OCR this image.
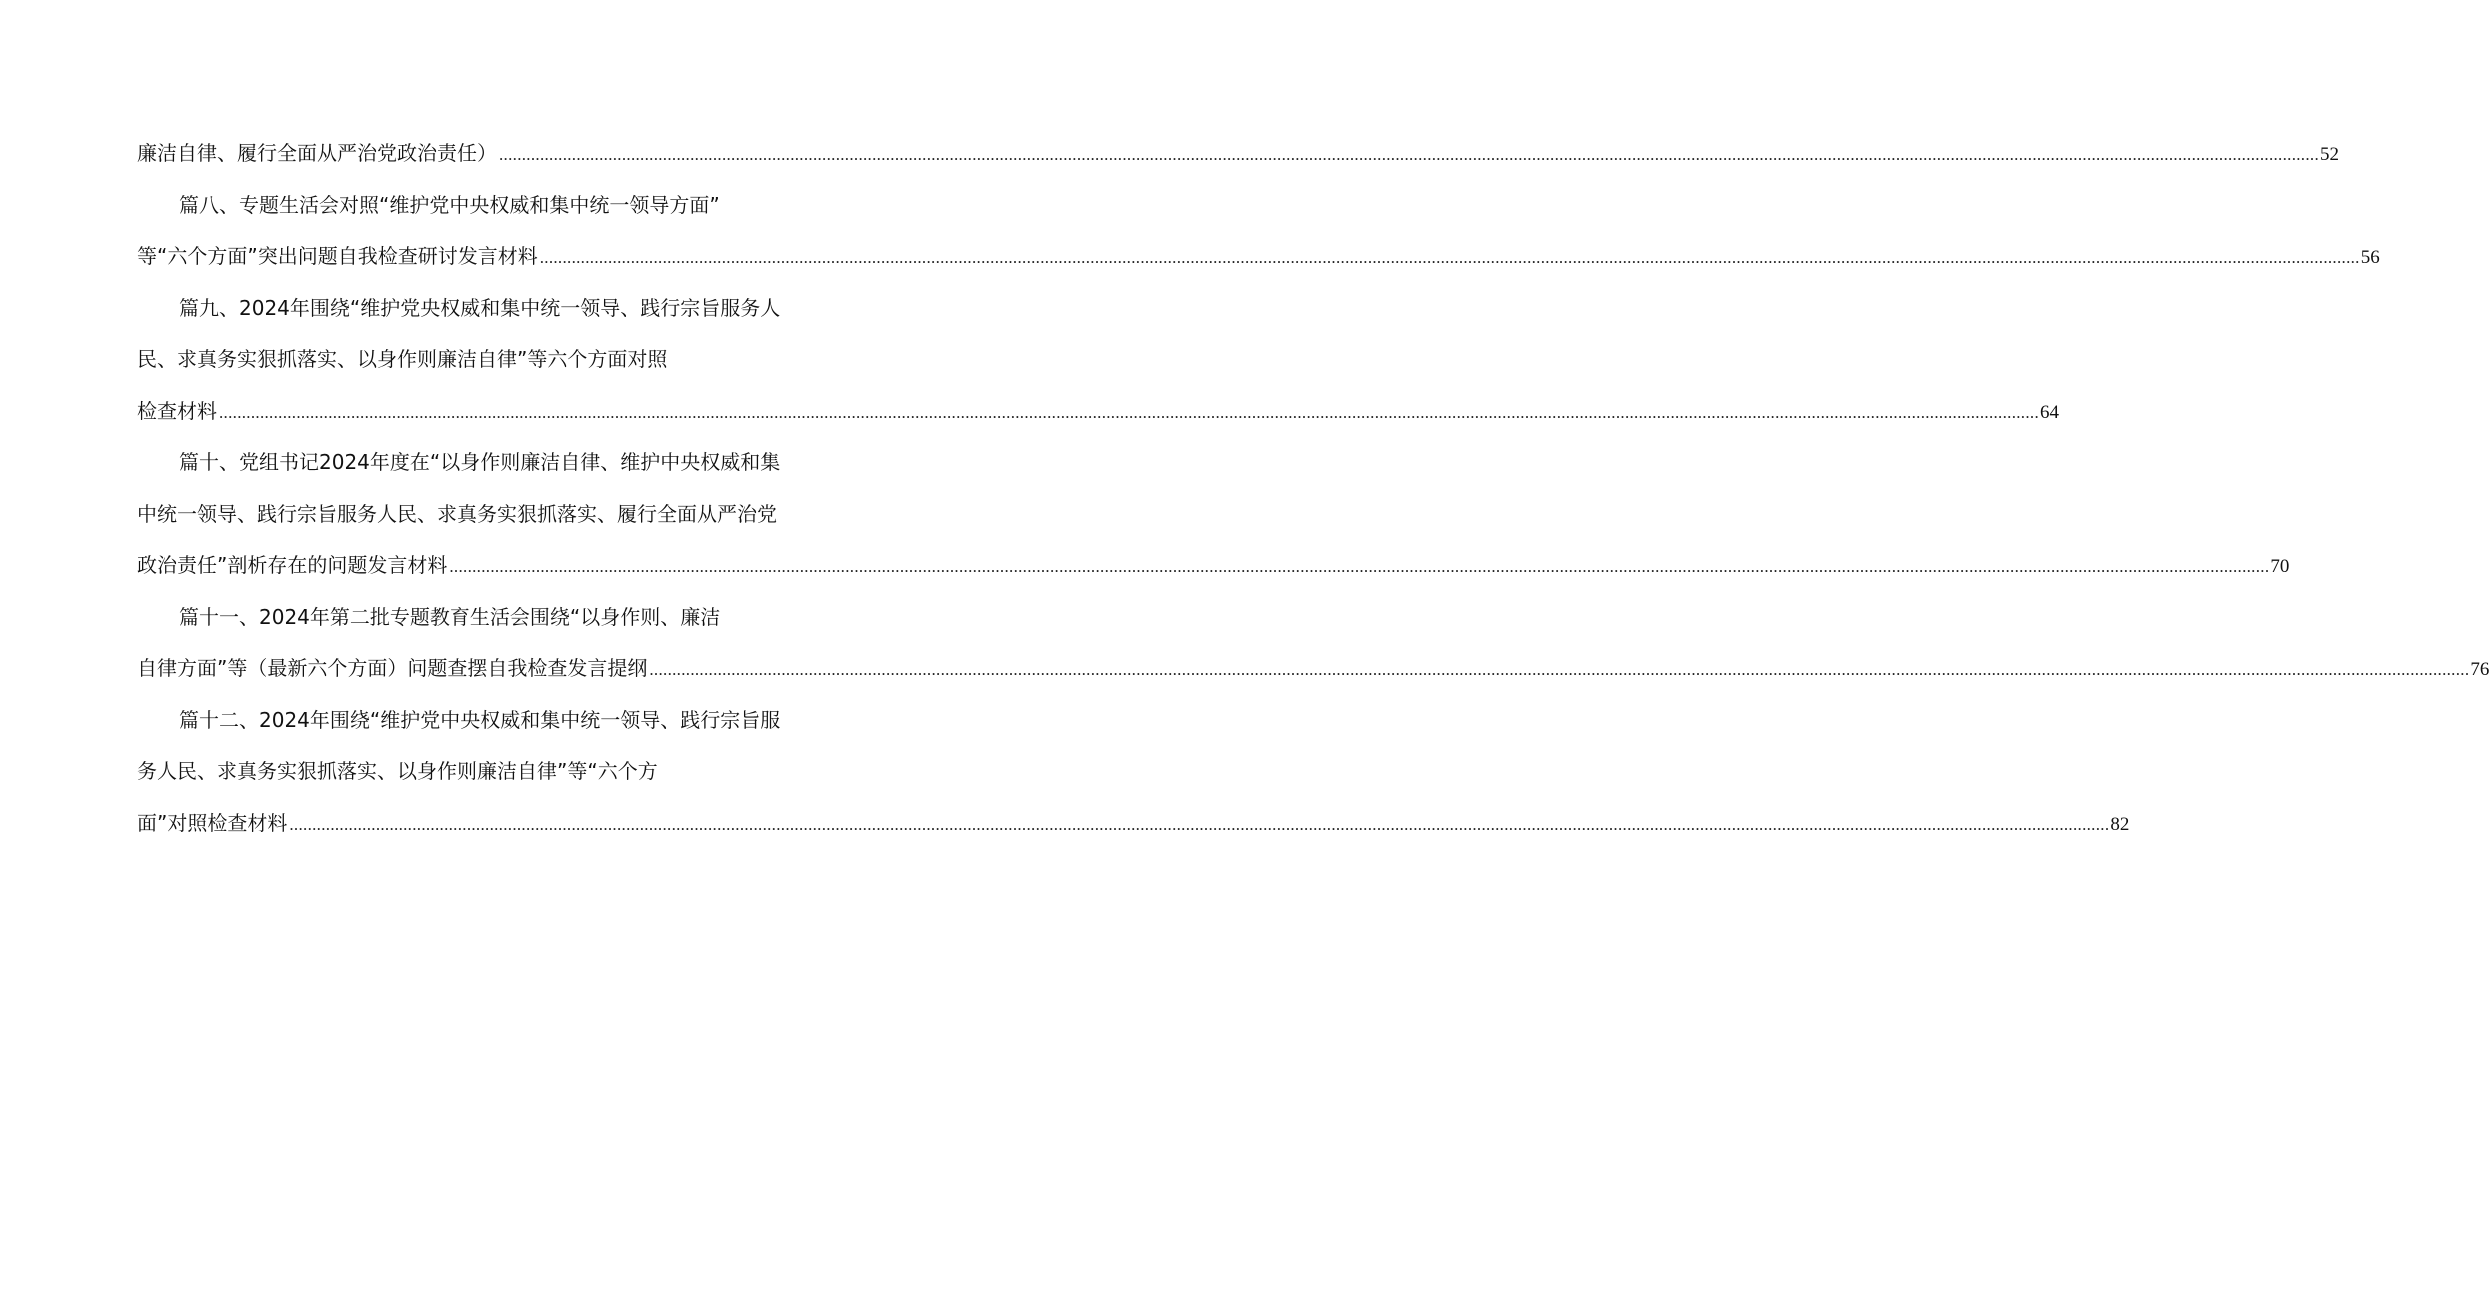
廉洁自律、履行全面从严治党政治责任） ................................................................................................................................................................................................................................................................................................................................................................................................................ 52
篇八、专题生活会对照“维护党中央权威和集中统一领导方面”
等“六个方面”突出问题自我检查研讨发言材料 ................................................................................................................................................................................................................................................................................................................................................................................................................ 56
篇九、2024年围绕“维护党央权威和集中统一领导、践行宗旨服务人
民、求真务实狠抓落实、以身作则廉洁自律”等六个方面对照
检查材料 ................................................................................................................................................................................................................................................................................................................................................................................................................ 64
篇十、党组书记2024年度在“以身作则廉洁自律、维护中央权威和集
中统一领导、践行宗旨服务人民、求真务实狠抓落实、履行全面从严治党
政治责任”剖析存在的问题发言材料 ................................................................................................................................................................................................................................................................................................................................................................................................................ 70
篇十一、2024年第二批专题教育生活会围绕“以身作则、廉洁
自律方面”等（最新六个方面）问题查摆自我检查发言提纲 ................................................................................................................................................................................................................................................................................................................................................................................................................ 76
篇十二、2024年围绕“维护党中央权威和集中统一领导、践行宗旨服
务人民、求真务实狠抓落实、以身作则廉洁自律”等“六个方
面”对照检查材料 ................................................................................................................................................................................................................................................................................................................................................................................................................ 82
